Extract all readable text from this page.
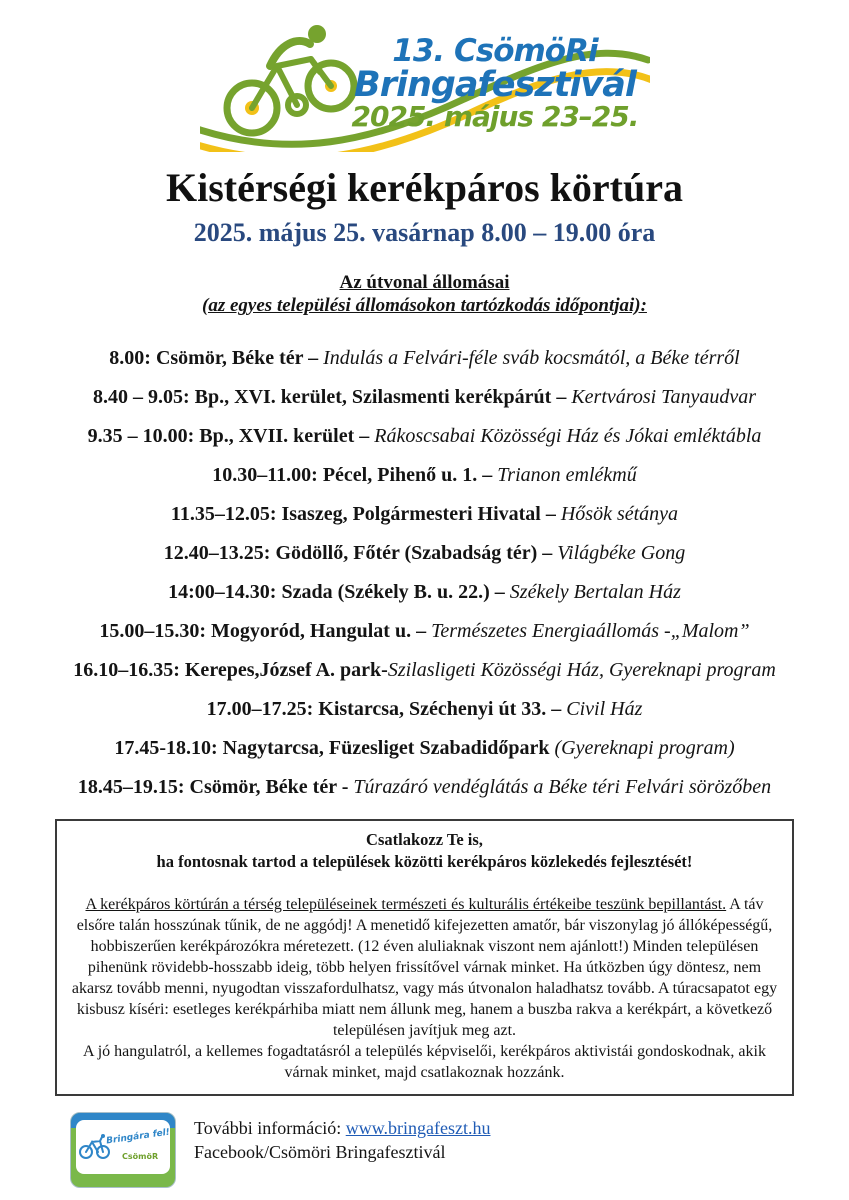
13. CsömöRi
Bringafesztivál
2025. május 23–25.
Kistérségi kerékpáros körtúra
2025. május 25. vasárnap 8.00 – 19.00 óra
Az útvonal állomásai
(az egyes települési állomásokon tartózkodás időpontjai):
8.00: Csömör, Béke tér – Indulás a Felvári-féle sváb kocsmától, a Béke térről
8.40 – 9.05: Bp., XVI. kerület, Szilasmenti kerékpárút – Kertvárosi Tanyaudvar
9.35 – 10.00: Bp., XVII. kerület – Rákoscsabai Közösségi Ház és Jókai emléktábla
10.30–11.00: Pécel, Pihenő u. 1. – Trianon emlékmű
11.35–12.05: Isaszeg, Polgármesteri Hivatal – Hősök sétánya
12.40–13.25: Gödöllő, Főtér (Szabadság tér) – Világbéke Gong
14:00–14.30: Szada (Székely B. u. 22.) – Székely Bertalan Ház
15.00–15.30: Mogyoród, Hangulat u. – Természetes Energiaállomás -„Malom”
16.10–16.35: Kerepes,József A. park-Szilasligeti Közösségi Ház, Gyereknapi program
17.00–17.25: Kistarcsa, Széchenyi út 33. – Civil Ház
17.45-18.10: Nagytarcsa, Füzesliget Szabadidőpark (Gyereknapi program)
18.45–19.15: Csömör, Béke tér - Túrazáró vendéglátás a Béke téri Felvári sörözőben

Csatlakozz Te is,

ha fontosnak tartod a települések közötti kerékpáros közlekedés fejlesztését!

A kerékpáros körtúrán a térség településeinek természeti és kulturális értékeibe teszünk bepillantást. A táv elsőre talán hosszúnak tűnik, de ne aggódj! A menetidő kifejezetten amatőr, bár viszonylag jó állóképességű, hobbiszerűen kerékpározókra méretezett. (12 éven aluliaknak viszont nem ajánlott!) Minden településen pihenünk rövidebb-hosszabb ideig, több helyen frissítővel várnak minket. Ha útközben úgy döntesz, nem akarsz tovább menni, nyugodtan visszafordulhatsz, vagy más útvonalon haladhatsz tovább. A túracsapatot egy kisbusz kíséri: esetleges kerékpárhiba miatt nem állunk meg, hanem a buszba rakva a kerékpárt, a következő településen javítjuk meg azt.

A jó hangulatról, a kellemes fogadtatásról a település képviselői, kerékpáros aktivistái gondoskodnak, akik várnak minket, majd csatlakoznak hozzánk.

Bringára fel!
CsömöR
További információ: www.bringafeszt.hu
Facebook/Csömöri Bringafesztivál
